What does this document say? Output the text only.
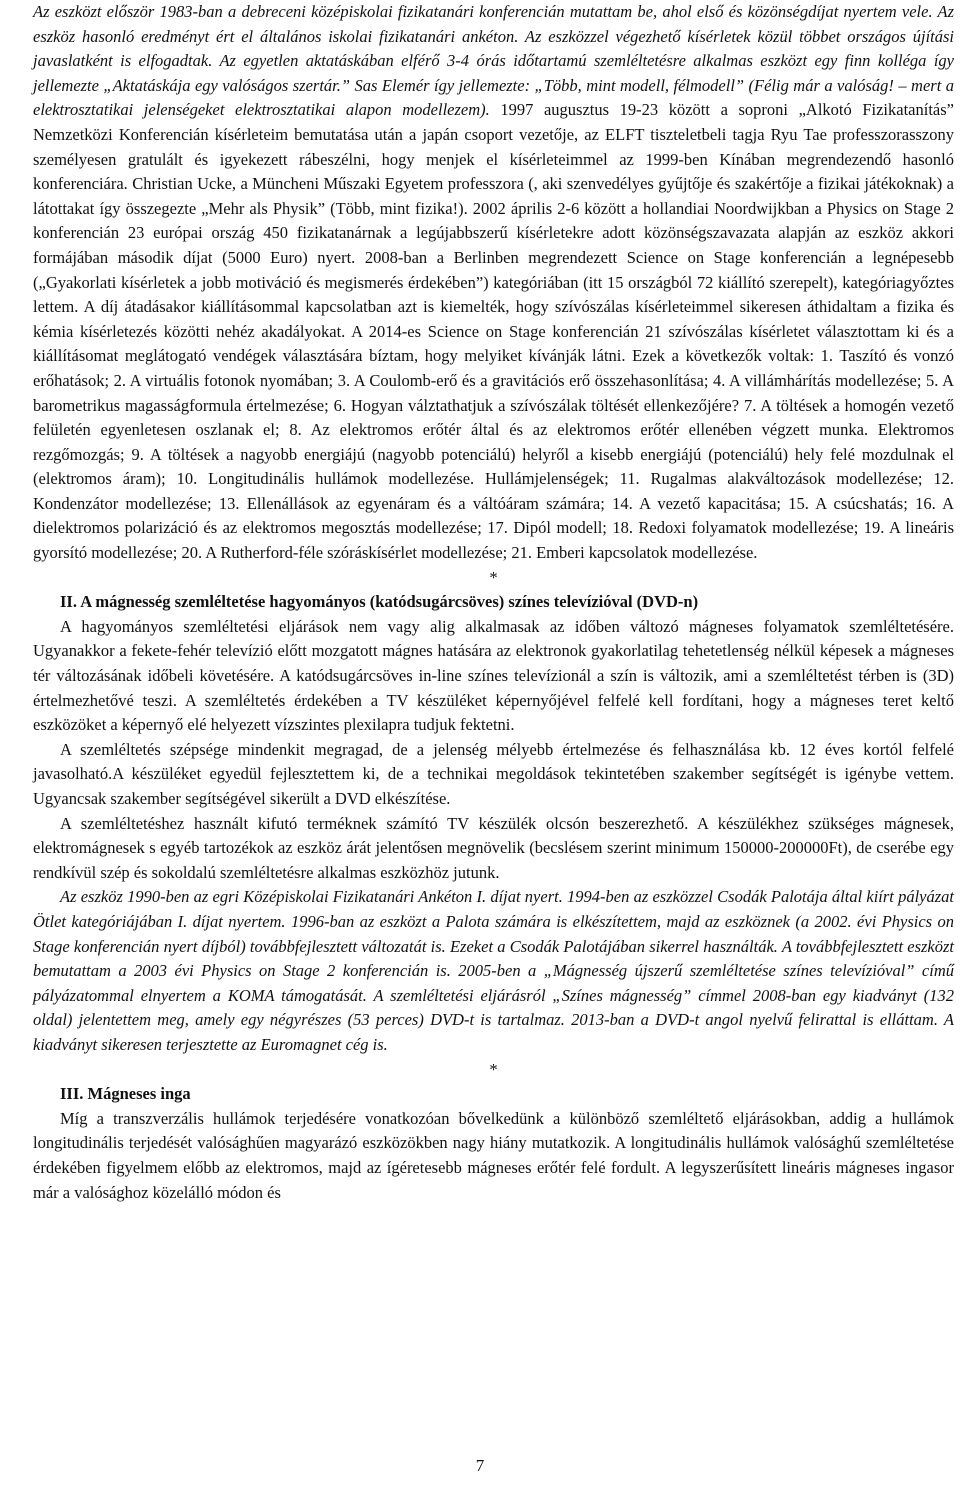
Az eszközt először 1983-ban a debreceni középiskolai fizikatanári konferencián mutattam be, ahol első és közönségdíjat nyertem vele. Az eszköz hasonló eredményt ért el általános iskolai fizikatanári ankéton. Az eszközzel végezhető kísérletek közül többet országos újítási javaslatként is elfogadtak. Az egyetlen aktatáskában elférő 3-4 órás időtartamú szemléltetésre alkalmas eszközt egy finn kolléga így jellemezte „Aktatáskája egy valóságos szertár.” Sas Elemér így jellemezte: „Több, mint modell, félmodell” (Félig már a valóság! – mert a elektrosztatikai jelenségeket elektrosztatikai alapon modellezem). 1997 augusztus 19-23 között a soproni „Alkotó Fizikatanítás” Nemzetközi Konferencián kísérleteim bemutatása után a japán csoport vezetője, az ELFT tiszteletbeli tagja Ryu Tae professzorasszony személyesen gratulált és igyekezett rábeszélni, hogy menjek el kísérleteimmel az 1999-ben Kínában megrendezendő hasonló konferenciára. Christian Ucke, a Müncheni Műszaki Egyetem professzora (, aki szenvedélyes gyűjtője és szakértője a fizikai játékoknak) a látottakat így összegezte „Mehr als Physik” (Több, mint fizika!). 2002 április 2-6 között a hollandiai Noordwijkban a Physics on Stage 2 konferencián 23 európai ország 450 fizikatanárnak a legújabbszerű kísérletekre adott közönségszavazata alapján az eszköz akkori formájában második díjat (5000 Euro) nyert. 2008-ban a Berlinben megrendezett Science on Stage konferencián a legnépesebb („Gyakorlati kísérletek a jobb motiváció és megismerés érdekében”) kategóriában (itt 15 országból 72 kiállító szerepelt), kategóriagyőztes lettem. A díj átadásakor kiállításommal kapcsolatban azt is kiemelték, hogy szívószálas kísérleteimmel sikeresen áthidaltam a fizika és kémia kísérletezés közötti nehéz akadályokat. A 2014-es Science on Stage konferencián 21 szívószálas kísérletet választottam ki és a kiállításomat meglátogató vendégek választására bíztam, hogy melyiket kívánják látni. Ezek a következők voltak: 1. Taszító és vonzó erőhatások; 2. A virtuális fotonok nyomában; 3. A Coulomb-erő és a gravitációs erő összehasonlítása; 4. A villámhárítás modellezése; 5. A barometrikus magasságformula értelmezése; 6. Hogyan válztathatjuk a szívószálak töltését ellenkezőjére? 7. A töltések a homogén vezető felületén egyenletesen oszlanak el; 8. Az elektromos erőtér által és az elektromos erőtér ellenében végzett munka. Elektromos rezgőmozgás; 9. A töltések a nagyobb energiájú (nagyobb potenciálú) helyről a kisebb energiájú (potenciálú) hely felé mozdulnak el (elektromos áram); 10. Longitudinális hullámok modellezése. Hullámjelenségek; 11. Rugalmas alakváltozások modellezése; 12. Kondenzátor modellezése; 13. Ellenállások az egyenáram és a váltóáram számára; 14. A vezető kapacitása; 15. A csúcshatás; 16. A dielektromos polarizáció és az elektromos megosztás modellezése; 17. Dipól modell; 18. Redoxi folyamatok modellezése; 19. A lineáris gyorsító modellezése; 20. A Rutherford-féle szóráskísérlet modellezése; 21. Emberi kapcsolatok modellezése.

*

II. A mágnesség szemléltetése hagyományos (katódsugárcsöves) színes televízióval (DVD-n)

A hagyományos szemléltetési eljárások nem vagy alig alkalmasak az időben változó mágneses folyamatok szemléltetésére. Ugyanakkor a fekete-fehér televízió előtt mozgatott mágnes hatására az elektronok gyakorlatilag tehetetlenség nélkül képesek a mágneses tér változásának időbeli követésére. A katódsugárcsöves in-line színes televízionál a szín is változik, ami a szemléltetést térben is (3D) értelmezhetővé teszi. A szemléltetés érdekében a TV készüléket képernyőjével felfelé kell fordítani, hogy a mágneses teret keltő eszközöket a képernyő elé helyezett vízszintes plexilapra tudjuk fektetni.

A szemléltetés szépsége mindenkit megragad, de a jelenség mélyebb értelmezése és felhasználása kb. 12 éves kortól felfelé javasolható.A készüléket egyedül fejlesztettem ki, de a technikai megoldások tekintetében szakember segítségét is igénybe vettem. Ugyancsak szakember segítségével sikerült a DVD elkészítése.

A szemléltetéshez használt kifutó terméknek számító TV készülék olcsón beszerezhető. A készülékhez szükséges mágnesek, elektromágnesek s egyéb tartozékok az eszköz árát jelentősen megnövelik (becslésem szerint minimum 150000-200000Ft), de cserébe egy rendkívül szép és sokoldalú szemléltetésre alkalmas eszközhöz jutunk.

Az eszköz 1990-ben az egri Középiskolai Fizikatanári Ankéton I. díjat nyert. 1994-ben az eszközzel Csodák Palotája által kiírt pályázat Ötlet kategóriájában I. díjat nyertem. 1996-ban az eszközt a Palota számára is elkészítettem, majd az eszköznek (a 2002. évi Physics on Stage konferencián nyert díjból) továbbfejlesztett változatát is. Ezeket a Csodák Palotájában sikerrel használták. A továbbfejlesztett eszközt bemutattam a 2003 évi Physics on Stage 2 konferencián is. 2005-ben a „Mágnesség újszerű szemléltetése színes televízióval” című pályázatommal elnyertem a KOMA támogatását. A szemléltetési eljárásról „Színes mágnesség” címmel 2008-ban egy kiadványt (132 oldal) jelentettem meg, amely egy négyrészes (53 perces) DVD-t is tartalmaz. 2013-ban a DVD-t angol nyelvű felirattal is elláttam. A kiadványt sikeresen terjesztette az Euromagnet cég is.

*

III. Mágneses inga

Míg a transzverzális hullámok terjedésére vonatkozóan bővelkedünk a különböző szemléltető eljárásokban, addig a hullámok longitudinális terjedését valósághűen magyarázó eszközökben nagy hiány mutatkozik. A longitudinális hullámok valósághű szemléltetése érdekében figyelmem előbb az elektromos, majd az ígéretesebb mágneses erőtér felé fordult. A legyszerűsített lineáris mágneses ingasor már a valósághoz közelálló módon és

7
